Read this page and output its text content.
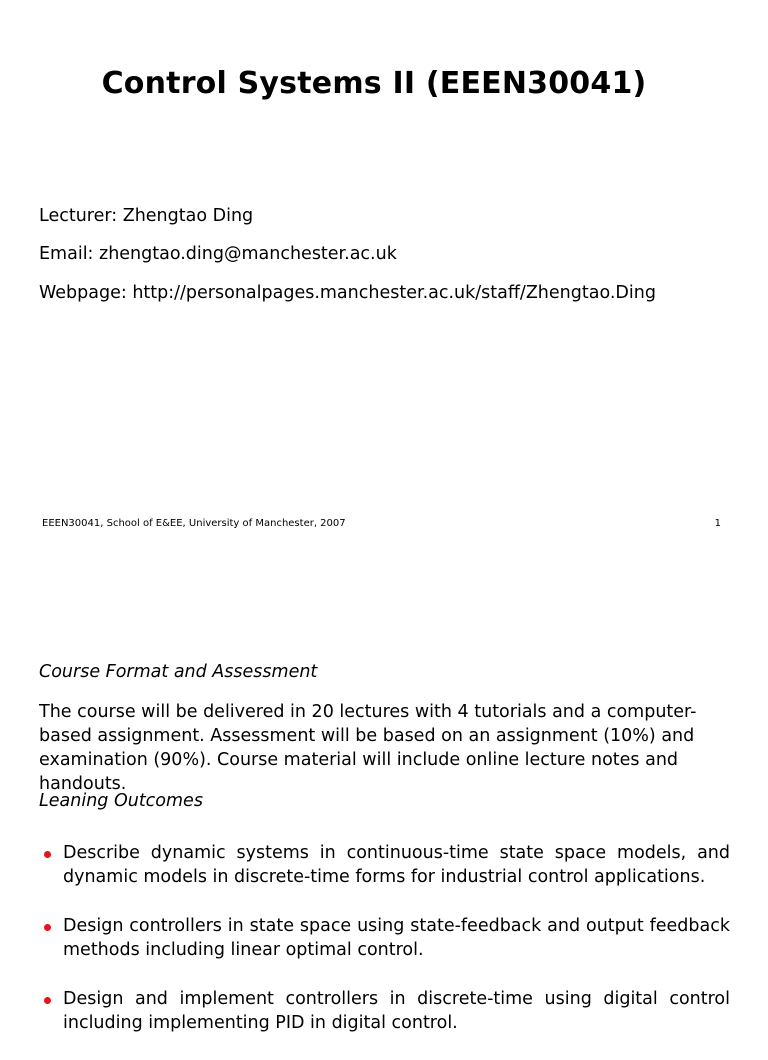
Control Systems II (EEEN30041)
Lecturer: Zhengtao Ding
Email: zhengtao.ding@manchester.ac.uk
Webpage: http://personalpages.manchester.ac.uk/staff/Zhengtao.Ding
EEEN30041, School of E&EE, University of Manchester, 2007	1
Course Format and Assessment
The course will be delivered in 20 lectures with 4 tutorials and a computer-based assignment. Assessment will be based on an assignment (10%) and examination (90%). Course material will include online lecture notes and handouts.
Leaning Outcomes
Describe dynamic systems in continuous-time state space models, and dynamic models in discrete-time forms for industrial control applications.
Design controllers in state space using state-feedback and output feedback methods including linear optimal control.
Design and implement controllers in discrete-time using digital control including implementing PID in digital control.
